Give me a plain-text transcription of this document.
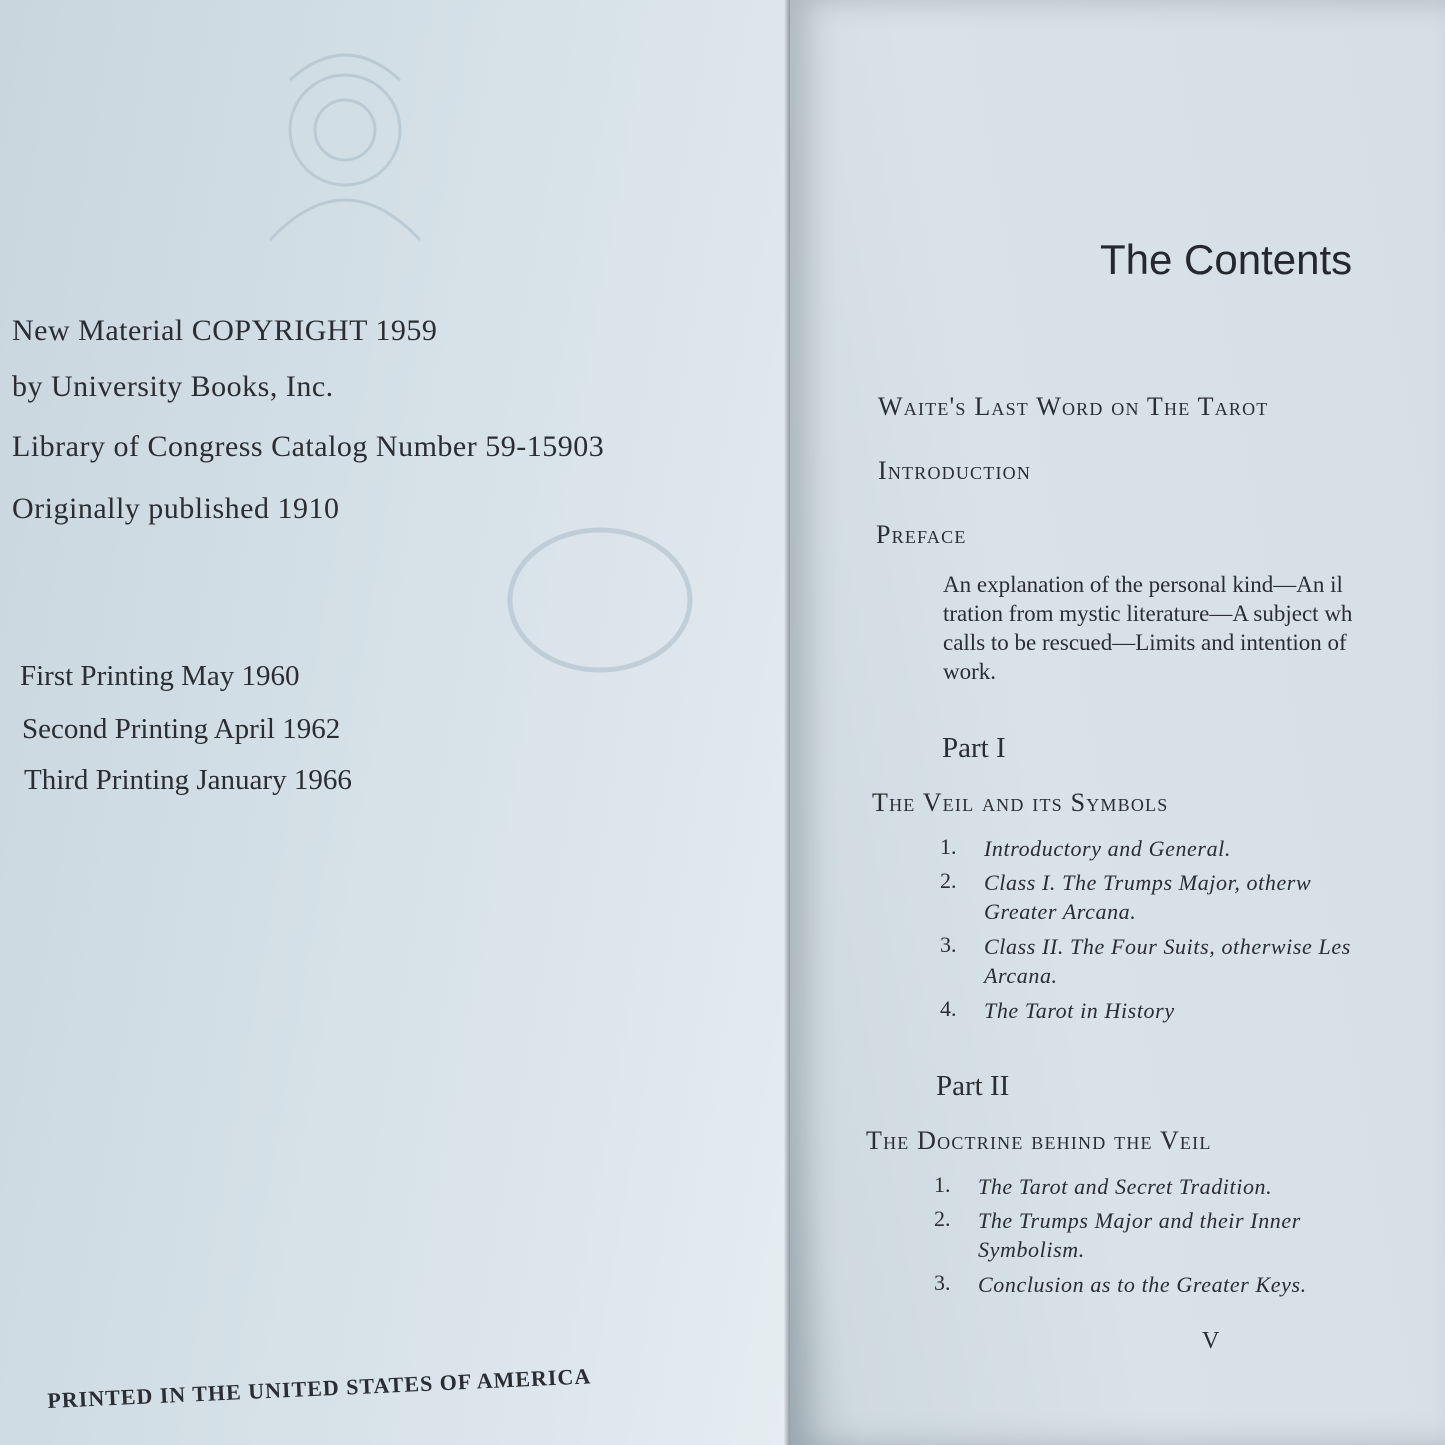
New Material COPYRIGHT 1959
by University Books, Inc.
Library of Congress Catalog Number 59-15903
Originally published 1910
First Printing May 1960
Second Printing April 1962
Third Printing January 1966
PRINTED IN THE UNITED STATES OF AMERICA
The Contents
Waite's Last Word on The Tarot
Introduction
Preface
An explanation of the personal kind—An il
tration from mystic literature—A subject wh
calls to be rescued—Limits and intention of
work.
Part I
The Veil and its Symbols
1.	Introductory and General.
2.	Class I. The Trumps Major, otherw
Greater Arcana.
3.	Class II. The Four Suits, otherwise Les
Arcana.
4.	The Tarot in History
Part II
The Doctrine behind the Veil
1.	The Tarot and Secret Tradition.
2.	The Trumps Major and their Inner
Symbolism.
3.	Conclusion as to the Greater Keys.
V
